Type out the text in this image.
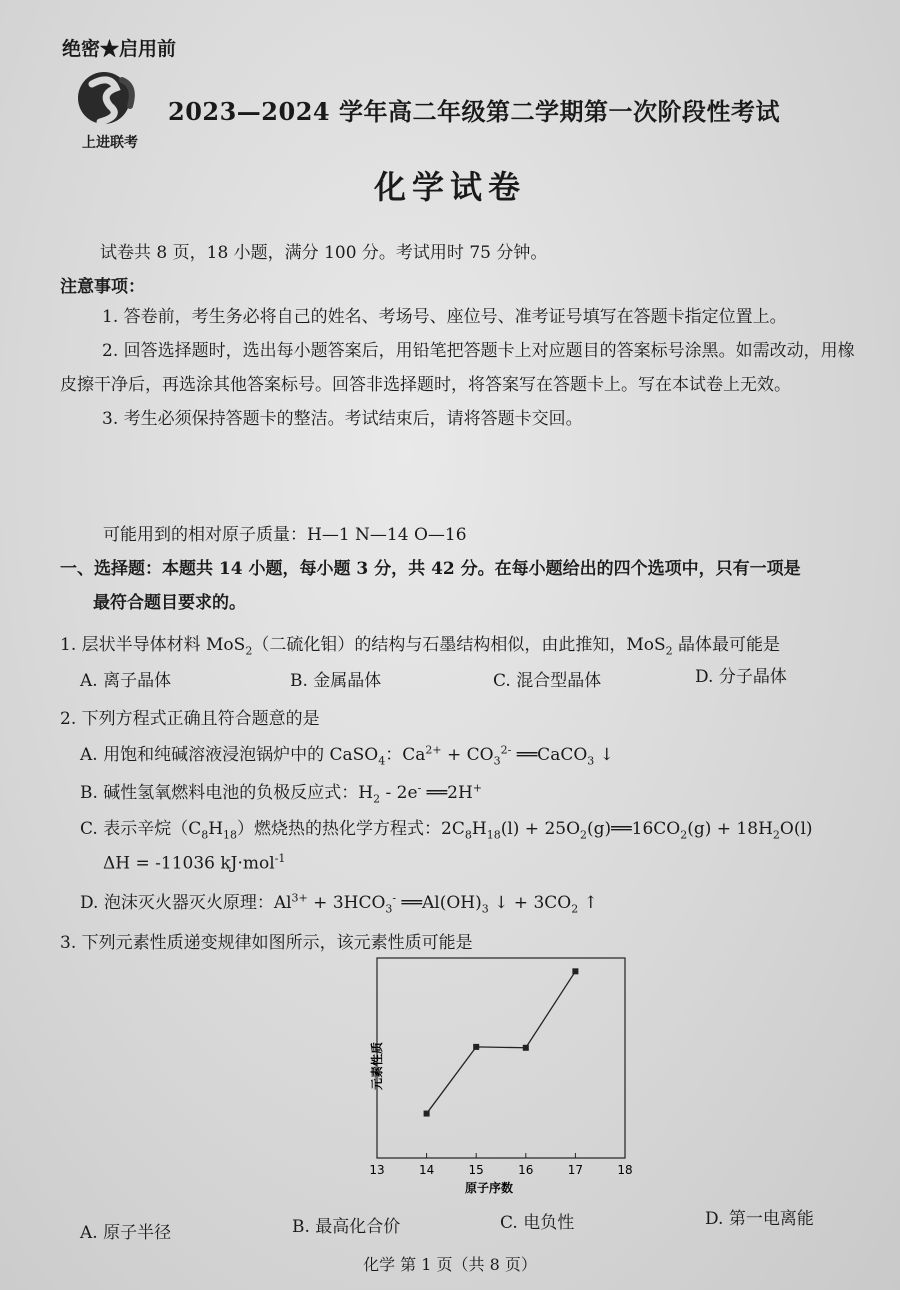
绝密★启用前
上进联考
2023—2024 学年高二年级第二学期第一次阶段性考试
化学试卷
试卷共 8 页，18 小题，满分 100 分。考试用时 75 分钟。
注意事项：
1. 答卷前，考生务必将自己的姓名、考场号、座位号、准考证号填写在答题卡指定位置上。
2. 回答选择题时，选出每小题答案后，用铅笔把答题卡上对应题目的答案标号涂黑。如需改动，用橡皮擦干净后，再选涂其他答案标号。回答非选择题时，将答案写在答题卡上。写在本试卷上无效。
3. 考生必须保持答题卡的整洁。考试结束后，请将答题卡交回。
可能用到的相对原子质量：H—1 N—14 O—16
一、选择题：本题共 14 小题，每小题 3 分，共 42 分。在每小题给出的四个选项中，只有一项是
最符合题目要求的。
1. 层状半导体材料 MoS$_2$（二硫化钼）的结构与石墨结构相似，由此推知，MoS$_2$ 晶体最可能是
A. 离子晶体	B. 金属晶体	C. 混合型晶体	D. 分子晶体
2. 下列方程式正确且符合题意的是
A. 用饱和纯碱溶液浸泡锅炉中的 CaSO$_4$：$Ca^{2+} + CO_3^{2-}$ ══CaCO$_3$ ↓
B. 碱性氢氧燃料电池的负极反应式：$H_2 - 2e^-$ ══2H+
C. 表示辛烷$(C_8H_{18})$燃烧热的热化学方程式：$2C_8H_{18}(l)$ + $25O_2(g)══16CO_2(g) + 18H_2O(l)$
ΔH = -11036 kJ·mol$^{-1}$
D. 泡沫灭火器灭火原理：$Al^{3+} + 3HCO_3^-$ $══Al(OH)_3$ ↓ + $3CO_2$ ↑
3. 下列元素性质递变规律如图所示，该元素性质可能是
13	14	15	16	17	18
原子序数
元素性质
A. 原子半径	B. 最高化合价	C. 电负性	D. 第一电离能
化学 第 1 页（共 8 页）
